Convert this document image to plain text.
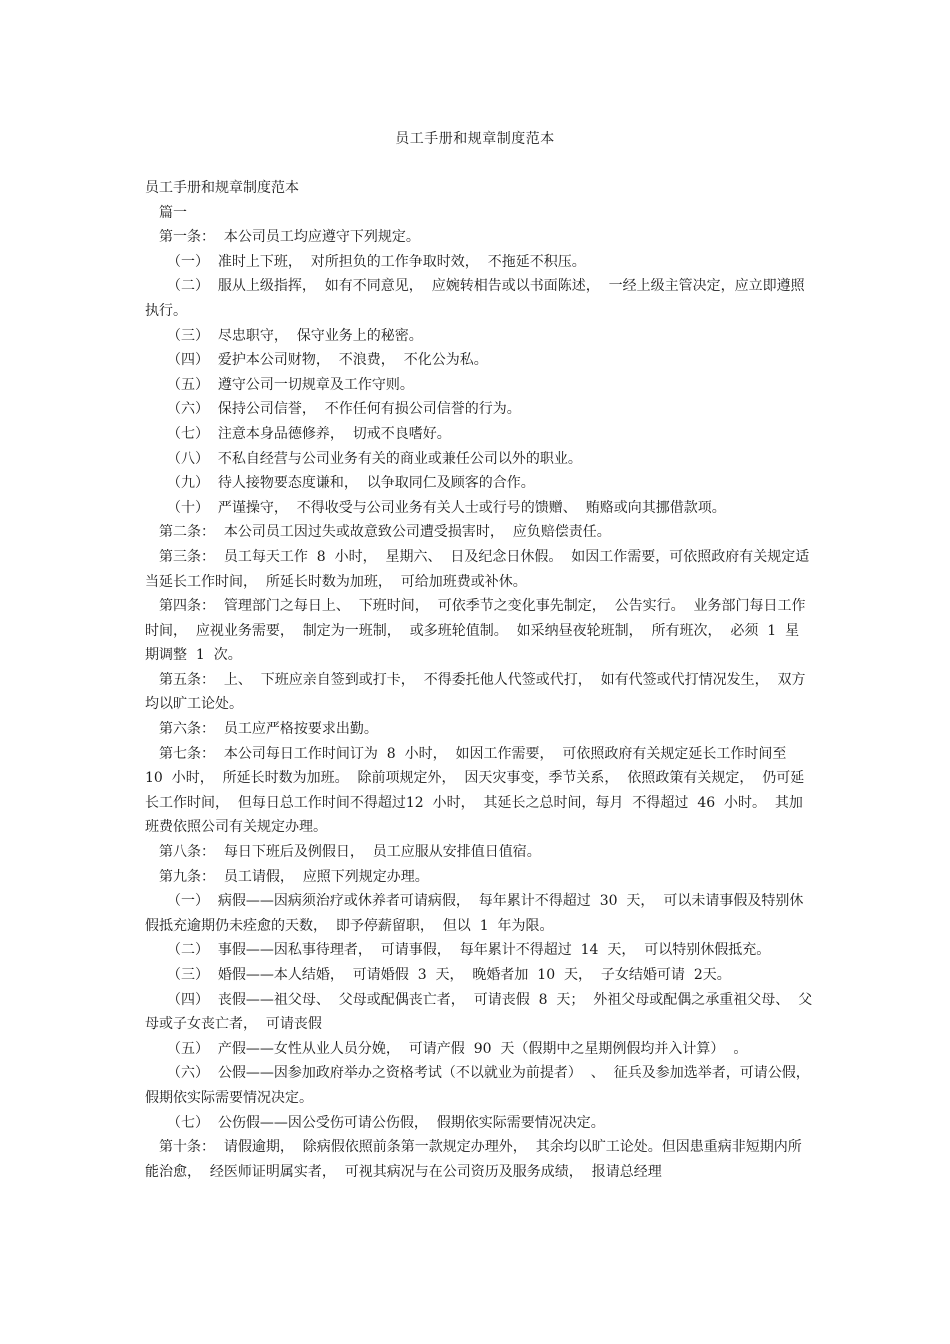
员工手册和规章制度范本

员工手册和规章制度范本

篇一

第一条：  本公司员工均应遵守下列规定。

（一）  准时上下班，  对所担负的工作争取时效，  不拖延不积压。

（二）  服从上级指挥，  如有不同意见，  应婉转相告或以书面陈述，  一经上级主管决定，应立即遵照执行。

（三）  尽忠职守，  保守业务上的秘密。

（四）  爱护本公司财物，  不浪费，  不化公为私。

（五）  遵守公司一切规章及工作守则。

（六）  保持公司信誉，  不作任何有损公司信誉的行为。

（七）  注意本身品德修养，  切戒不良嗜好。

（八）  不私自经营与公司业务有关的商业或兼任公司以外的职业。

（九）  待人接物要态度谦和，  以争取同仁及顾客的合作。

（十）  严谨操守，  不得收受与公司业务有关人士或行号的馈赠、  贿赂或向其挪借款项。

第二条：  本公司员工因过失或故意致公司遭受损害时，  应负赔偿责任。

第三条：  员工每天工作  8  小时，  星期六、  日及纪念日休假。  如因工作需要，可依照政府有关规定适当延长工作时间，  所延长时数为加班，  可给加班费或补休。

第四条：  管理部门之每日上、  下班时间，  可依季节之变化事先制定，  公告实行。  业务部门每日工作时间，  应视业务需要，  制定为一班制，  或多班轮值制。  如采纳昼夜轮班制，  所有班次，  必须  1  星期调整  1  次。

第五条：  上、  下班应亲自签到或打卡，  不得委托他人代签或代打，  如有代签或代打情况发生，  双方均以旷工论处。

第六条：  员工应严格按要求出勤。

第七条：  本公司每日工作时间订为  8  小时，  如因工作需要，  可依照政府有关规定延长工作时间至  10  小时，  所延长时数为加班。  除前项规定外，  因天灾事变，季节关系，  依照政策有关规定，  仍可延长工作时间，  但每日总工作时间不得超过12  小时，  其延长之总时间，每月  不得超过  46  小时。  其加班费依照公司有关规定办理。

第八条：  每日下班后及例假日，  员工应服从安排值日值宿。

第九条：  员工请假，  应照下列规定办理。

（一）  病假——因病须治疗或休养者可请病假，  每年累计不得超过  30  天，  可以未请事假及特别休假抵充逾期仍未痊愈的天数，  即予停薪留职，  但以  1  年为限。

（二）  事假——因私事待理者，  可请事假，  每年累计不得超过  14  天，  可以特别休假抵充。

（三）  婚假——本人结婚，  可请婚假  3  天，  晚婚者加  10  天，  子女结婚可请  2天。

（四）  丧假——祖父母、  父母或配偶丧亡者，  可请丧假  8  天；  外祖父母或配偶之承重祖父母、  父母或子女丧亡者，  可请丧假

（五）  产假——女性从业人员分娩，  可请产假  90  天（假期中之星期例假均并入计算）  。

（六）  公假——因参加政府举办之资格考试（不以就业为前提者）  、  征兵及参加选举者，可请公假，  假期依实际需要情况决定。

（七）  公伤假——因公受伤可请公伤假，  假期依实际需要情况决定。

第十条：  请假逾期，  除病假依照前条第一款规定办理外，  其余均以旷工论处。但因患重病非短期内所能治愈，  经医师证明属实者，  可视其病况与在公司资历及服务成绩，  报请总经理
